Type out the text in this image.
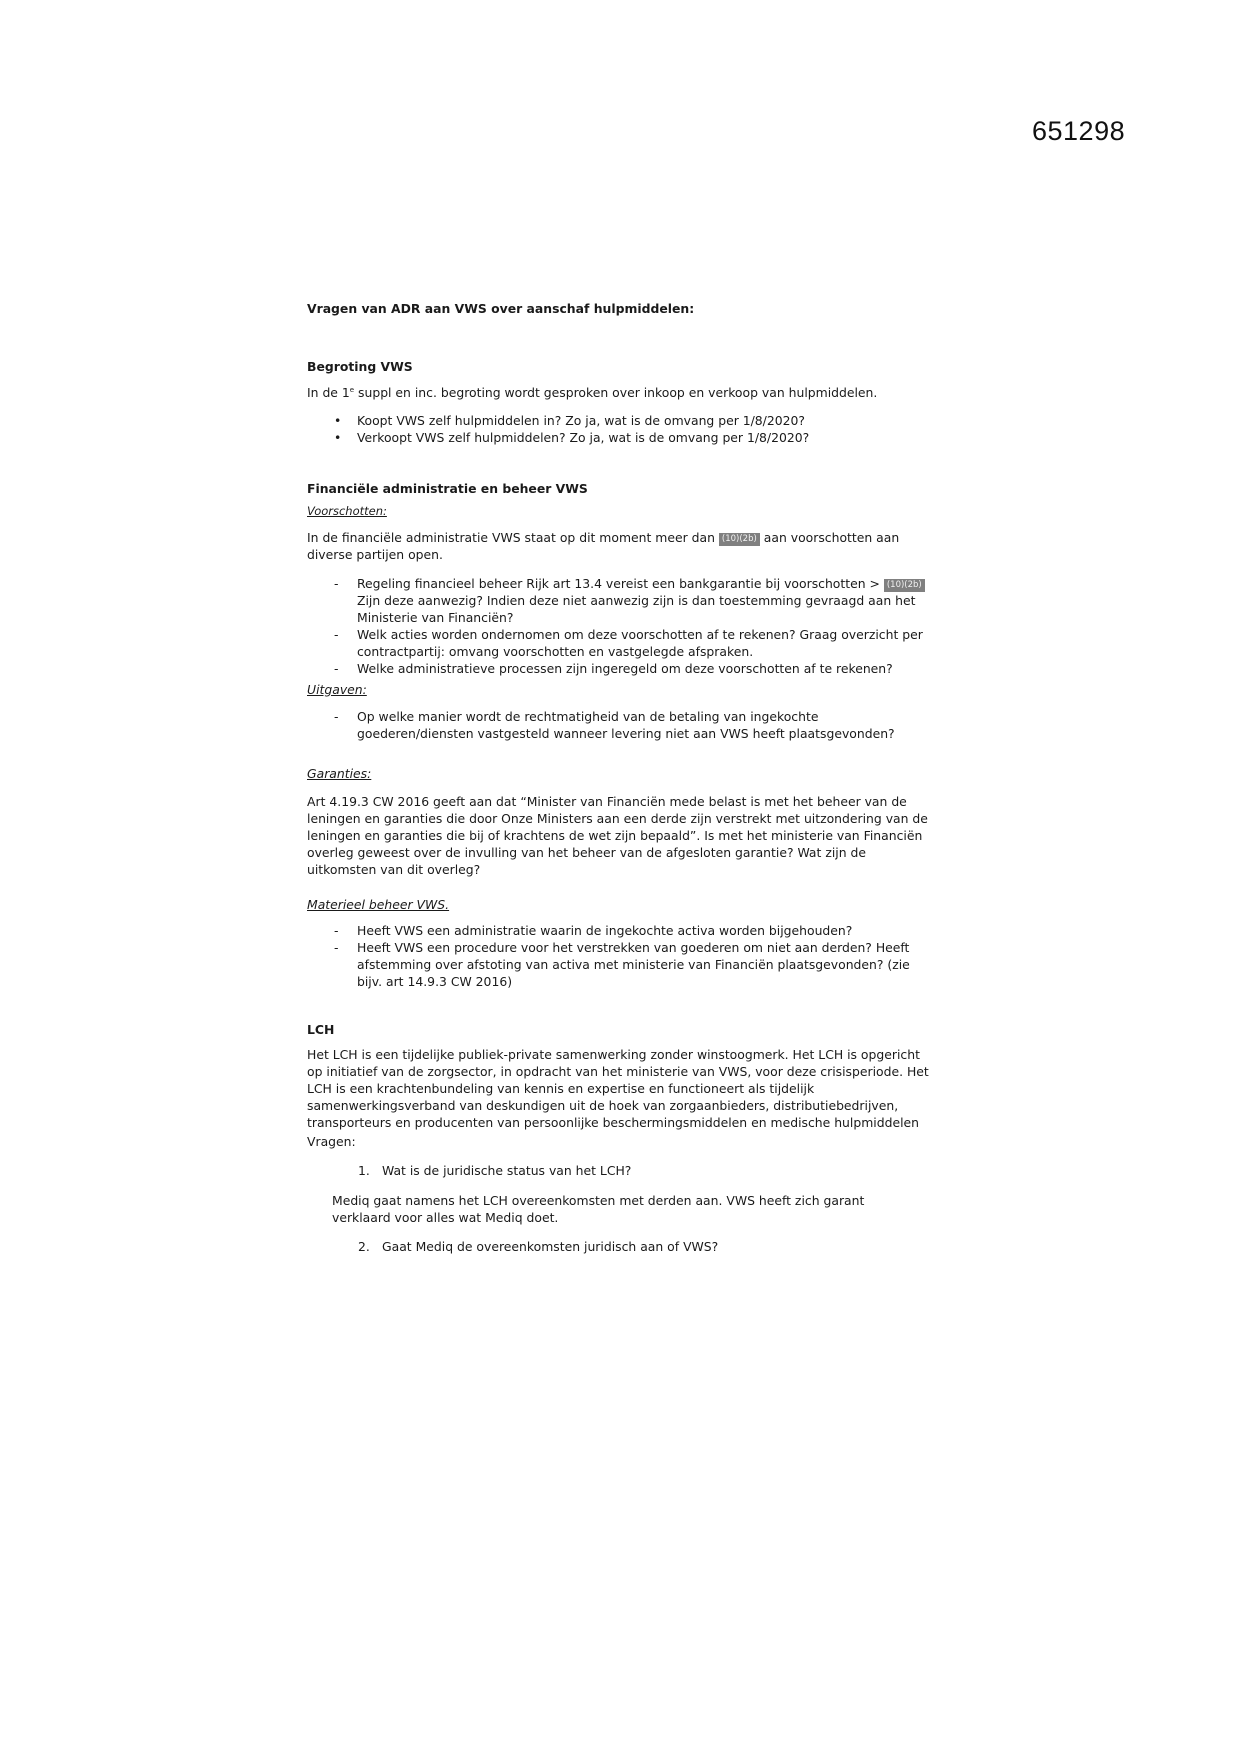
651298

Vragen van ADR aan VWS over aanschaf hulpmiddelen:

Begroting VWS

In de 1e suppl en inc. begroting wordt gesproken over inkoop en verkoop van hulpmiddelen.

• Koopt VWS zelf hulpmiddelen in? Zo ja, wat is de omvang per 1/8/2020?
• Verkoopt VWS zelf hulpmiddelen? Zo ja, wat is de omvang per 1/8/2020?

Financiële administratie en beheer VWS

Voorschotten:

In de financiële administratie VWS staat op dit moment meer dan (10)(2b) aan voorschotten aan diverse partijen open.

- Regeling financieel beheer Rijk art 13.4 vereist een bankgarantie bij voorschotten > (10)(2b) Zijn deze aanwezig? Indien deze niet aanwezig zijn is dan toestemming gevraagd aan het Ministerie van Financiën?
- Welk acties worden ondernomen om deze voorschotten af te rekenen? Graag overzicht per contractpartij: omvang voorschotten en vastgelegde afspraken.
- Welke administratieve processen zijn ingeregeld om deze voorschotten af te rekenen?

Uitgaven:

- Op welke manier wordt de rechtmatigheid van de betaling van ingekochte goederen/diensten vastgesteld wanneer levering niet aan VWS heeft plaatsgevonden?

Garanties:

Art 4.19.3 CW 2016 geeft aan dat “Minister van Financiën mede belast is met het beheer van de leningen en garanties die door Onze Ministers aan een derde zijn verstrekt met uitzondering van de leningen en garanties die bij of krachtens de wet zijn bepaald”. Is met het ministerie van Financiën overleg geweest over de invulling van het beheer van de afgesloten garantie? Wat zijn de uitkomsten van dit overleg?

Materieel beheer VWS.

- Heeft VWS een administratie waarin de ingekochte activa worden bijgehouden?
- Heeft VWS een procedure voor het verstrekken van goederen om niet aan derden? Heeft afstemming over afstoting van activa met ministerie van Financiën plaatsgevonden? (zie bijv. art 14.9.3 CW 2016)

LCH

Het LCH is een tijdelijke publiek-private samenwerking zonder winstoogmerk. Het LCH is opgericht op initiatief van de zorgsector, in opdracht van het ministerie van VWS, voor deze crisisperiode. Het LCH is een krachtenbundeling van kennis en expertise en functioneert als tijdelijk samenwerkingsverband van deskundigen uit de hoek van zorgaanbieders, distributiebedrijven, transporteurs en producenten van persoonlijke beschermingsmiddelen en medische hulpmiddelen

Vragen:

1. Wat is de juridische status van het LCH?

Mediq gaat namens het LCH overeenkomsten met derden aan. VWS heeft zich garant verklaard voor alles wat Mediq doet.

2. Gaat Mediq de overeenkomsten juridisch aan of VWS?
